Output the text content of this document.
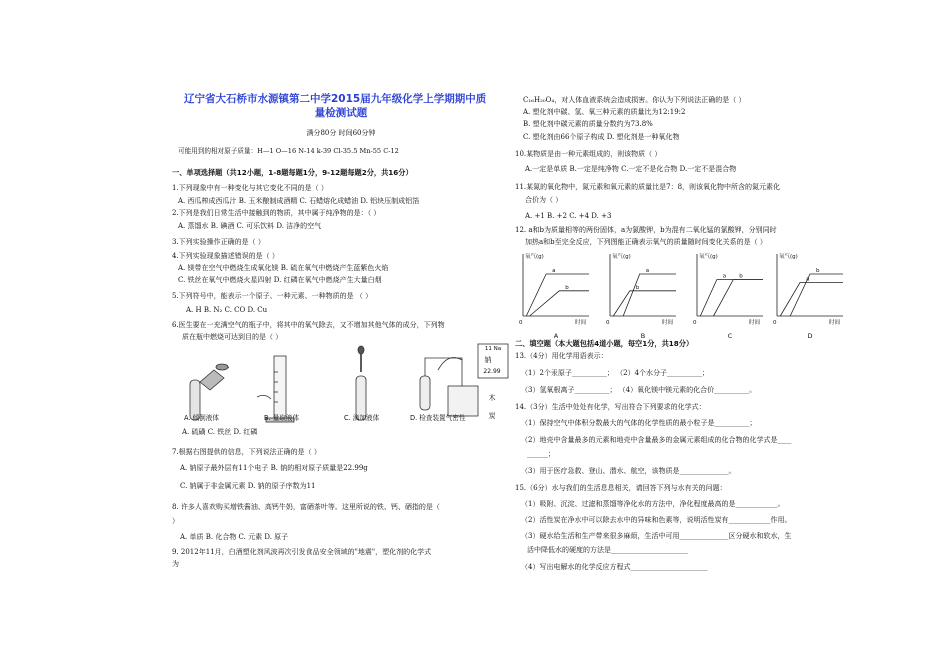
辽宁省大石桥市水源镇第二中学2015届九年级化学上学期期中质
量检测试题
满分80分 时间60分钟
可能用到的相对原子质量：H—1 O—16 N-14 k-39 Cl-35.5 Mn-55 C-12
一、单项选择题（共12小题，1-8题每题1分，9-12题每题2分，共16分）
1.下列现象中有一种变化与其它变化不同的是（ ）
A. 西瓜榨成西瓜汁 B. 玉米酿制成酒精 C. 石蜡熔化成蜡油 D. 铝块压制成铝箔
2.下列是我们日常生活中接触到的物质，其中属于纯净物的是：（ ）
A. 蒸馏水 B. 碘酒 C. 可乐饮料 D. 洁净的空气
3.下列实验操作正确的是（ ）
4.下列实验现象描述错误的是（ ）
A. 镁带在空气中燃烧生成氧化镁 B. 硫在氧气中燃烧产生蓝紫色火焰
C. 铁丝在氧气中燃烧火星四射 D. 红磷在氧气中燃烧产生大量白烟
5.下列符号中，能表示一个原子、一种元素、一种物质的是 （ ）
A. H B. N₂ C. CO D. Cu
6.医生要在一充满空气的瓶子中，将其中的氧气除去，又不增加其他气体的成分，下列物
质在瓶中燃烧可达到目的是（ ）
11 Na
钠
22.99
木
炭
A. 倾倒液体	B. 量取液体	C. 滴加液体	D. 检查装置气密性
A. 硫磺 C. 铁丝 D. 红磷
7.根据右图提供的信息，下列说法正确的是（ ）
A. 钠原子最外层有11个电子 B. 钠的相对原子质量是22.99g
C. 钠属于非金属元素 D. 钠的原子序数为11
8. 许多人喜欢购买增铁酱油、高钙牛奶，富硒茶叶等。这里所说的铁、钙、硒指的是（
）
A. 单质 B. 化合物 C. 元素 D. 原子
9. 2012年11月，白酒塑化剂风波再次引发食品安全领域的"地震"，塑化剂的化学式
为
C₁₆H₂₀O₄，对人体血液系统会造成损害。你认为下列说法正确的是（ ）
A. 塑化剂中碳、氢、氧三种元素的质量比为12:19:2
B. 塑化剂中碳元素的质量分数约为73.8%
C. 塑化剂由66个原子构成 D. 塑化剂是一种氧化物
10.某物质是由一种元素组成的，则该物质（ ）
A.一定是单质 B.一定是纯净物 C.一定不是化合物 D.一定不是混合物
11.某氮的氧化物中，氮元素和氧元素的质量比是7：8，则该氧化物中所含的氮元素化
合价为（ ）
A. +1 B. +2 C. +4 D. +3
12. a和b为质量相等的两份固体，a为氯酸钾，b为混有二氧化锰的氯酸钾，分别同时
加热a和b至完全反应，下列图能正确表示氧气的质量随时间变化关系的是（ ）
氧气(g)
时间
0
a
b
A
氧气(g)
时间
0
a
b
B
氧气(g)
时间
0
a b
C
氧气(g)
时间
0
a
b
D
二、填空题（本大题包括4道小题，每空1分，共18分）
13.（4分）用化学用语表示：
（1）2个汞原子__________； （2）4个水分子__________；
（3）氢氧根离子__________； （4）氧化镁中镁元素的化合价__________。
14.（3分）生活中处处有化学，写出符合下列要求的化学式：
（1）保持空气中体积分数最大的气体的化学性质的最小粒子是__________；
（2）地壳中含量最多的元素和地壳中含量最多的金属元素组成的化合物的化学式是____
______；
（3）用于医疗急救、登山、潜水、航空，该物质是______________。
15.（6分）水与我们的生活息息相关，请回答下列与水有关的问题：
（1）吸附、沉淀、过滤和蒸馏等净化水的方法中，净化程度最高的是____________。
（2）活性炭在净水中可以除去水中的异味和色素等，说明活性炭有____________作用。
（3）硬水给生活和生产带来很多麻烦，生活中可用______________区分硬水和软水，生
活中降低水的硬度的方法是______________________
（4）写出电解水的化学反应方程式______________________
